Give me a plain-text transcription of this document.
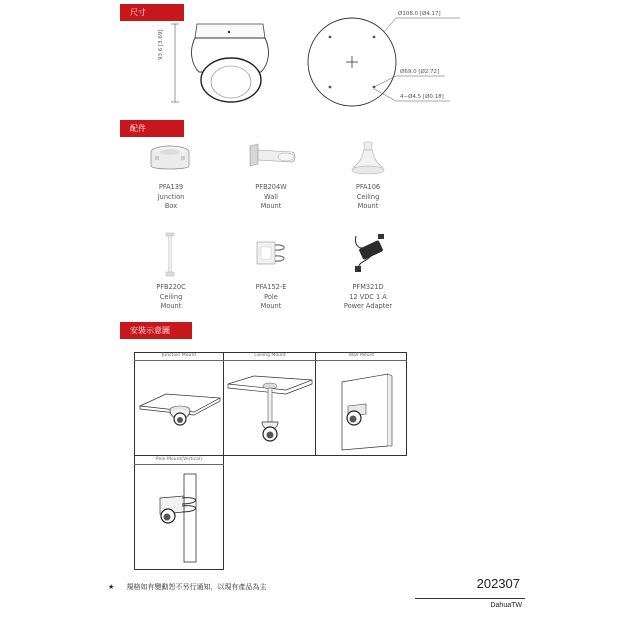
尺寸
93.6 [3.69]
Ø108.0 [Ø4.17]
Ø69.0 [Ø2.72]
4−Ø4.5 [Ø0.18]
配件
PFA139
Junction
Box
PFB204W
Wall
Mount
PFA106
Ceiling
Mount
PFB220C
Ceiling
Mount
PFA152-E
Pole
Mount
PFM321D
12 VDC 1 A
Power Adapter
安裝示意圖
Junction Mount	Ceiling Mount	Wall Mount
Pole Mount(Vertical)
★ 規格如有變動恕不另行通知，以現有產品為主	202307
DahuaTW
